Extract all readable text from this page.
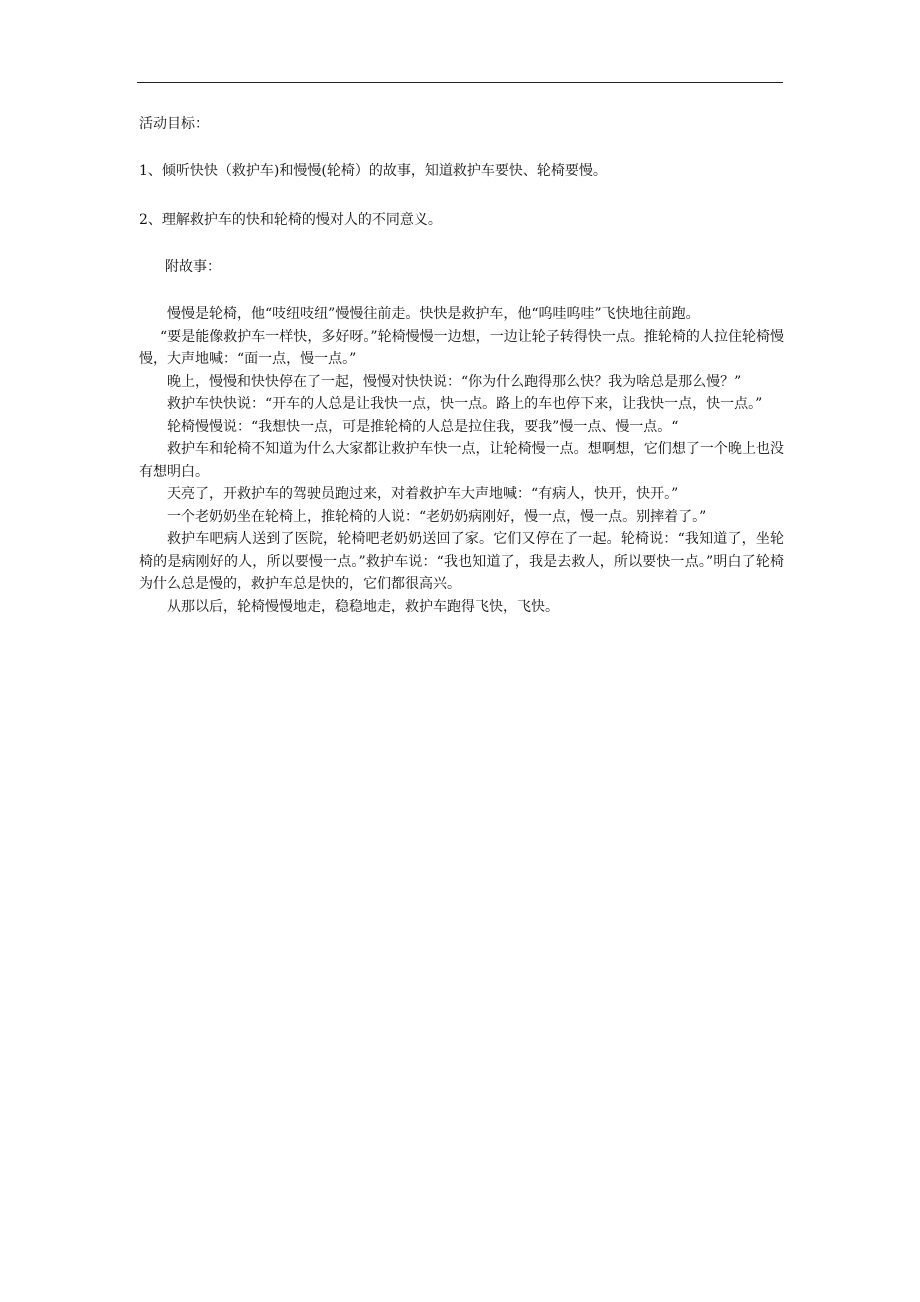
活动目标：
1、倾听快快（救护车)和慢慢(轮椅）的故事，知道救护车要快、轮椅要慢。
2、理解救护车的快和轮椅的慢对人的不同意义。
附故事：

慢慢是轮椅，他“吱纽吱纽”慢慢往前走。快快是救护车，他“呜哇呜哇”飞快地往前跑。

“要是能像救护车一样快，多好呀。”轮椅慢慢一边想，一边让轮子转得快一点。推轮椅的人拉住轮椅慢慢，大声地喊：“面一点，慢一点。”

晚上，慢慢和快快停在了一起，慢慢对快快说：“你为什么跑得那么快？我为啥总是那么慢？”

救护车快快说：“开车的人总是让我快一点，快一点。路上的车也停下来，让我快一点，快一点。”

轮椅慢慢说：“我想快一点，可是推轮椅的人总是拉住我，要我”慢一点、慢一点。“

救护车和轮椅不知道为什么大家都让救护车快一点，让轮椅慢一点。想啊想，它们想了一个晚上也没有想明白。

天亮了，开救护车的驾驶员跑过来，对着救护车大声地喊：“有病人，快开，快开。”

一个老奶奶坐在轮椅上，推轮椅的人说：“老奶奶病刚好，慢一点，慢一点。别摔着了。”

救护车吧病人送到了医院，轮椅吧老奶奶送回了家。它们又停在了一起。轮椅说：“我知道了，坐轮椅的是病刚好的人，所以要慢一点。”救护车说：“我也知道了，我是去救人，所以要快一点。”明白了轮椅为什么总是慢的，救护车总是快的，它们都很高兴。

从那以后，轮椅慢慢地走，稳稳地走，救护车跑得飞快，飞快。
